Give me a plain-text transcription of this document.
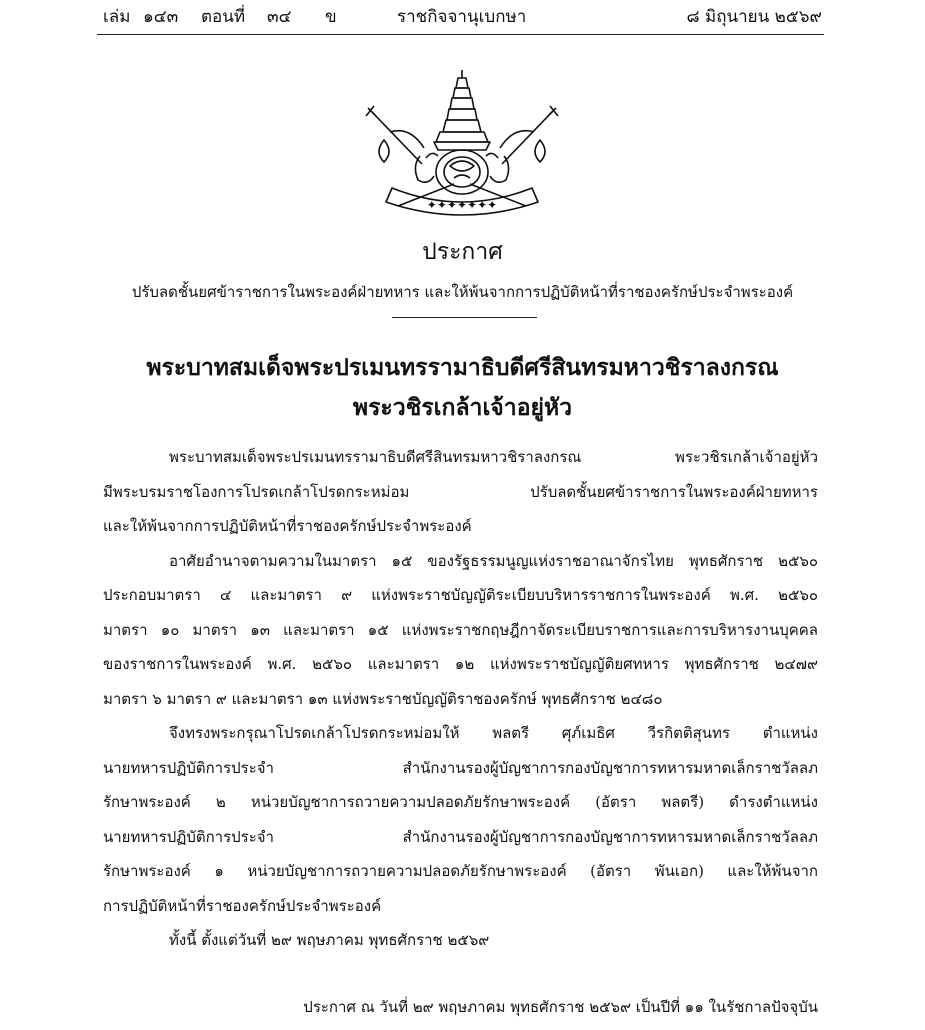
เล่ม ๑๔๓ ตอนที่ ๓๔ ข	ราชกิจจานุเบกษา	๘ มิถุนายน ๒๕๖๙
✦✦✦✦✦✦✦
ประกาศ
ปรับลดชั้นยศข้าราชการในพระองค์ฝ่ายทหาร และให้พ้นจากการปฏิบัติหน้าที่ราชองครักษ์ประจำพระองค์
พระบาทสมเด็จพระปรเมนทรรามาธิบดีศรีสินทรมหาวชิราลงกรณ
พระวชิรเกล้าเจ้าอยู่หัว
พระบาทสมเด็จพระปรเมนทรรามาธิบดีศรีสินทรมหาวชิราลงกรณ พระวชิรเกล้าเจ้าอยู่หัว
มีพระบรมราชโองการโปรดเกล้าโปรดกระหม่อม ปรับลดชั้นยศข้าราชการในพระองค์ฝ่ายทหาร
และให้พ้นจากการปฏิบัติหน้าที่ราชองครักษ์ประจำพระองค์
อาศัยอำนาจตามความในมาตรา ๑๕ ของรัฐธรรมนูญแห่งราชอาณาจักรไทย พุทธศักราช ๒๕๖๐
ประกอบมาตรา ๔ และมาตรา ๙ แห่งพระราชบัญญัติระเบียบบริหารราชการในพระองค์ พ.ศ. ๒๕๖๐
มาตรา ๑๐ มาตรา ๑๓ และมาตรา ๑๕ แห่งพระราชกฤษฎีกาจัดระเบียบราชการและการบริหารงานบุคคล
ของราชการในพระองค์ พ.ศ. ๒๕๖๐ และมาตรา ๑๒ แห่งพระราชบัญญัติยศทหาร พุทธศักราช ๒๔๗๙
มาตรา ๖ มาตรา ๙ และมาตรา ๑๓ แห่งพระราชบัญญัติราชองครักษ์ พุทธศักราช ๒๔๘๐
จึงทรงพระกรุณาโปรดเกล้าโปรดกระหม่อมให้ พลตรี ศุภ์เมธิศ วีรกิตติสุนทร ตำแหน่ง
นายทหารปฏิบัติการประจำ สำนักงานรองผู้บัญชาการกองบัญชาการทหารมหาดเล็กราชวัลลภ
รักษาพระองค์ ๒ หน่วยบัญชาการถวายความปลอดภัยรักษาพระองค์ (อัตรา พลตรี) ดำรงตำแหน่ง
นายทหารปฏิบัติการประจำ สำนักงานรองผู้บัญชาการกองบัญชาการทหารมหาดเล็กราชวัลลภ
รักษาพระองค์ ๑ หน่วยบัญชาการถวายความปลอดภัยรักษาพระองค์ (อัตรา พันเอก) และให้พ้นจาก
การปฏิบัติหน้าที่ราชองครักษ์ประจำพระองค์
ทั้งนี้ ตั้งแต่วันที่ ๒๙ พฤษภาคม พุทธศักราช ๒๕๖๙
ประกาศ ณ วันที่ ๒๙ พฤษภาคม พุทธศักราช ๒๕๖๙ เป็นปีที่ ๑๑ ในรัชกาลปัจจุบัน
